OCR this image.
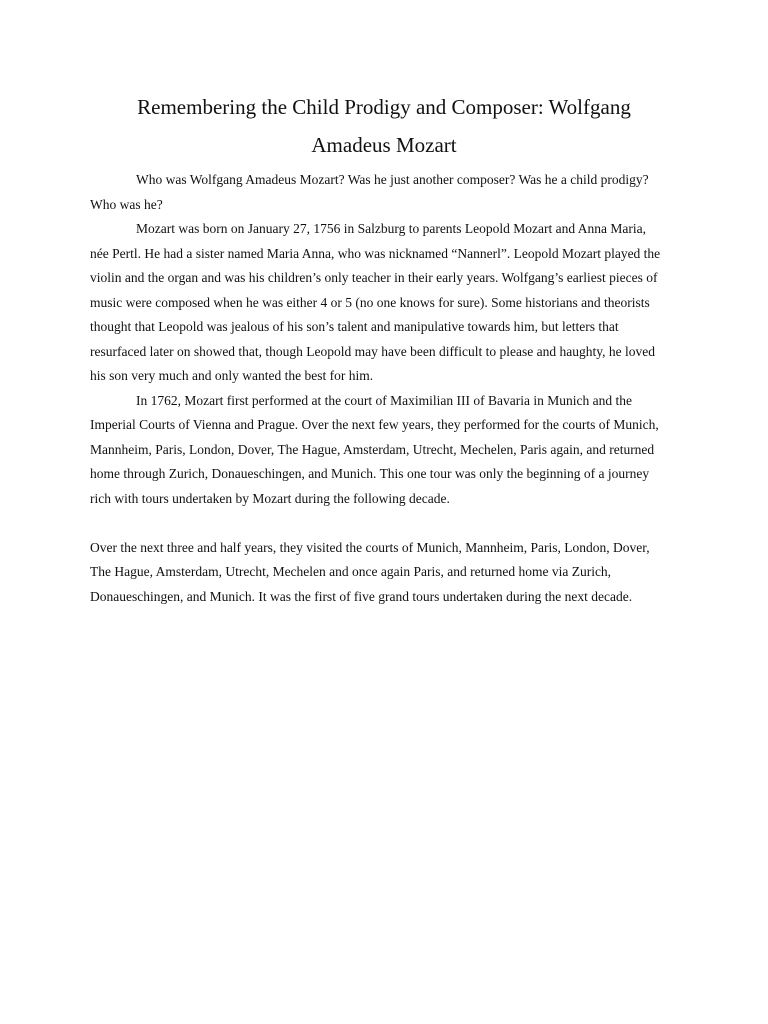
Remembering the Child Prodigy and Composer: Wolfgang
Amadeus Mozart
Who was Wolfgang Amadeus Mozart? Was he just another composer? Was he a child prodigy?
Who was he?
Mozart was born on January 27, 1756 in Salzburg to parents Leopold Mozart and Anna Maria,
née Pertl. He had a sister named Maria Anna, who was nicknamed “Nannerl”. Leopold Mozart played the
violin and the organ and was his children’s only teacher in their early years. Wolfgang’s earliest pieces of
music were composed when he was either 4 or 5 (no one knows for sure). Some historians and theorists
thought that Leopold was jealous of his son’s talent and manipulative towards him, but letters that
resurfaced later on showed that, though Leopold may have been difficult to please and haughty, he loved
his son very much and only wanted the best for him.
In 1762, Mozart first performed at the court of Maximilian III of Bavaria in Munich and the
Imperial Courts of Vienna and Prague. Over the next few years, they performed for the courts of Munich,
Mannheim, Paris, London, Dover, The Hague, Amsterdam, Utrecht, Mechelen, Paris again, and returned
home through Zurich, Donaueschingen, and Munich. This one tour was only the beginning of a journey
rich with tours undertaken by Mozart during the following decade.
Over the next three and half years, they visited the courts of Munich, Mannheim, Paris, London, Dover,
The Hague, Amsterdam, Utrecht, Mechelen and once again Paris, and returned home via Zurich,
Donaueschingen, and Munich. It was the first of five grand tours undertaken during the next decade.
